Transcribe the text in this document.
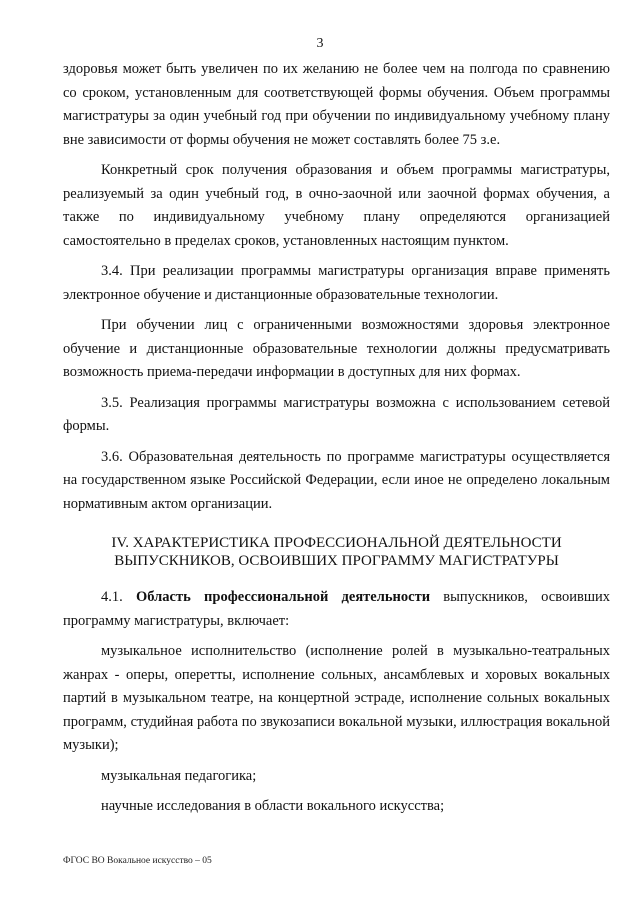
3

здоровья может быть увеличен по их желанию не более чем на полгода по сравнению со сроком, установленным для соответствующей формы обучения. Объем программы магистратуры за один учебный год при обучении по индивидуальному учебному плану вне зависимости от формы обучения не может составлять более 75 з.е.

Конкретный срок получения образования и объем программы магистратуры, реализуемый за один учебный год, в очно-заочной или заочной формах обучения, а также по индивидуальному учебному плану определяются организацией самостоятельно в пределах сроков, установленных настоящим пунктом.

3.4. При реализации программы магистратуры организация вправе применять электронное обучение и дистанционные образовательные технологии.

При обучении лиц с ограниченными возможностями здоровья электронное обучение и дистанционные образовательные технологии должны предусматривать возможность приема-передачи информации в доступных для них формах.

3.5. Реализация программы магистратуры возможна с использованием сетевой формы.

3.6. Образовательная деятельность по программе магистратуры осуществляется на государственном языке Российской Федерации, если иное не определено локальным нормативным актом организации.

IV. ХАРАКТЕРИСТИКА ПРОФЕССИОНАЛЬНОЙ ДЕЯТЕЛЬНОСТИ
ВЫПУСКНИКОВ, ОСВОИВШИХ ПРОГРАММУ МАГИСТРАТУРЫ

4.1. Область профессиональной деятельности выпускников, освоивших программу магистратуры, включает:

музыкальное исполнительство (исполнение ролей в музыкально-театральных жанрах - оперы, оперетты, исполнение сольных, ансамблевых и хоровых вокальных партий в музыкальном театре, на концертной эстраде, исполнение сольных вокальных программ, студийная работа по звукозаписи вокальной музыки, иллюстрация вокальной музыки);

музыкальная педагогика;

научные исследования в области вокального искусства;

ФГОС ВО Вокальное искусство – 05
